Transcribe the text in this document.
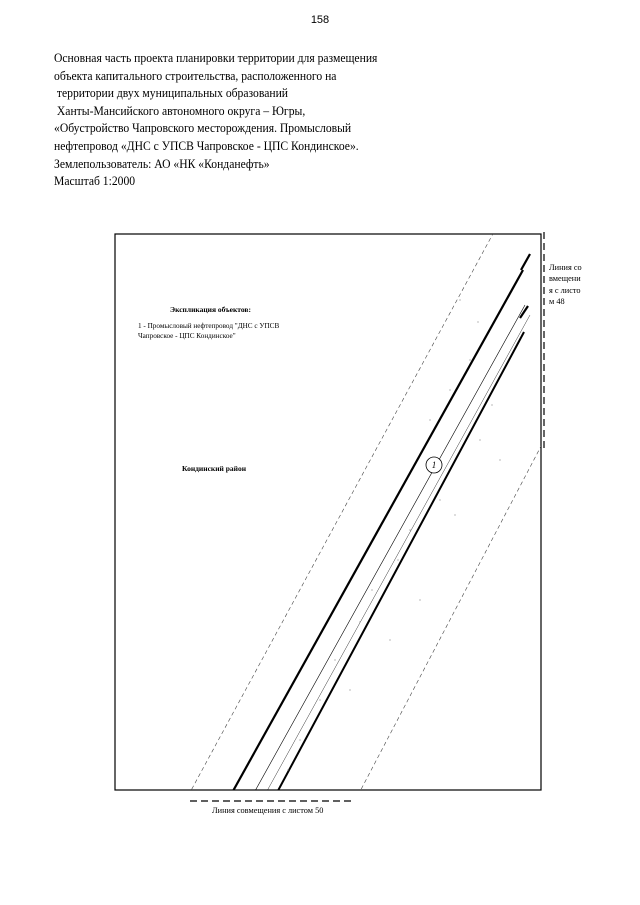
158
Основная часть проекта планировки территории для размещения
объекта капитального строительства, расположенного на
территории двух муниципальных образований
Ханты-Мансийского автономного округа – Югры,
«Обустройство Чапровского месторождения. Промысловый
нефтепровод «ДНС с УПСВ Чапровское - ЦПС Кондинское».
Землепользователь: АО «НК «Конданефть»
Масштаб 1:2000
1
Экспликация объектов:
1 - Промысловый нефтепровод "ДНС с УПСВ Чапровское - ЦПС Кондинское"
Кондинский район
Линия совмещения с листом 48
Линия совмещения с листом 50
